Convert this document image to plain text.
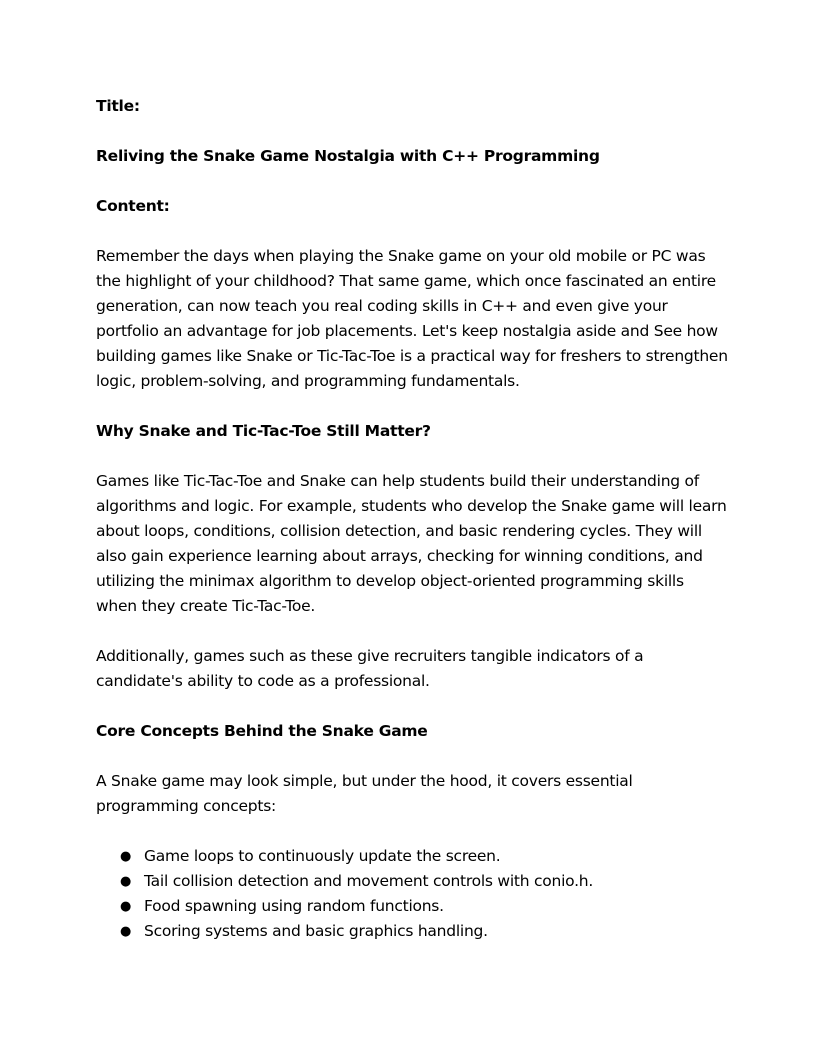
Title:

Reliving the Snake Game Nostalgia with C++ Programming

Content:

Remember the days when playing the Snake game on your old mobile or PC was the highlight of your childhood? That same game, which once fascinated an entire generation, can now teach you real coding skills in C++ and even give your portfolio an advantage for job placements. Let's keep nostalgia aside and See how building games like Snake or Tic-Tac-Toe is a practical way for freshers to strengthen logic, problem-solving, and programming fundamentals.

Why Snake and Tic-Tac-Toe Still Matter?

Games like Tic-Tac-Toe and Snake can help students build their understanding of algorithms and logic. For example, students who develop the Snake game will learn about loops, conditions, collision detection, and basic rendering cycles. They will also gain experience learning about arrays, checking for winning conditions, and utilizing the minimax algorithm to develop object-oriented programming skills when they create Tic-Tac-Toe.

Additionally, games such as these give recruiters tangible indicators of a candidate's ability to code as a professional.

Core Concepts Behind the Snake Game

A Snake game may look simple, but under the hood, it covers essential programming concepts:

● Game loops to continuously update the screen.
● Tail collision detection and movement controls with conio.h.
● Food spawning using random functions.
● Scoring systems and basic graphics handling.
